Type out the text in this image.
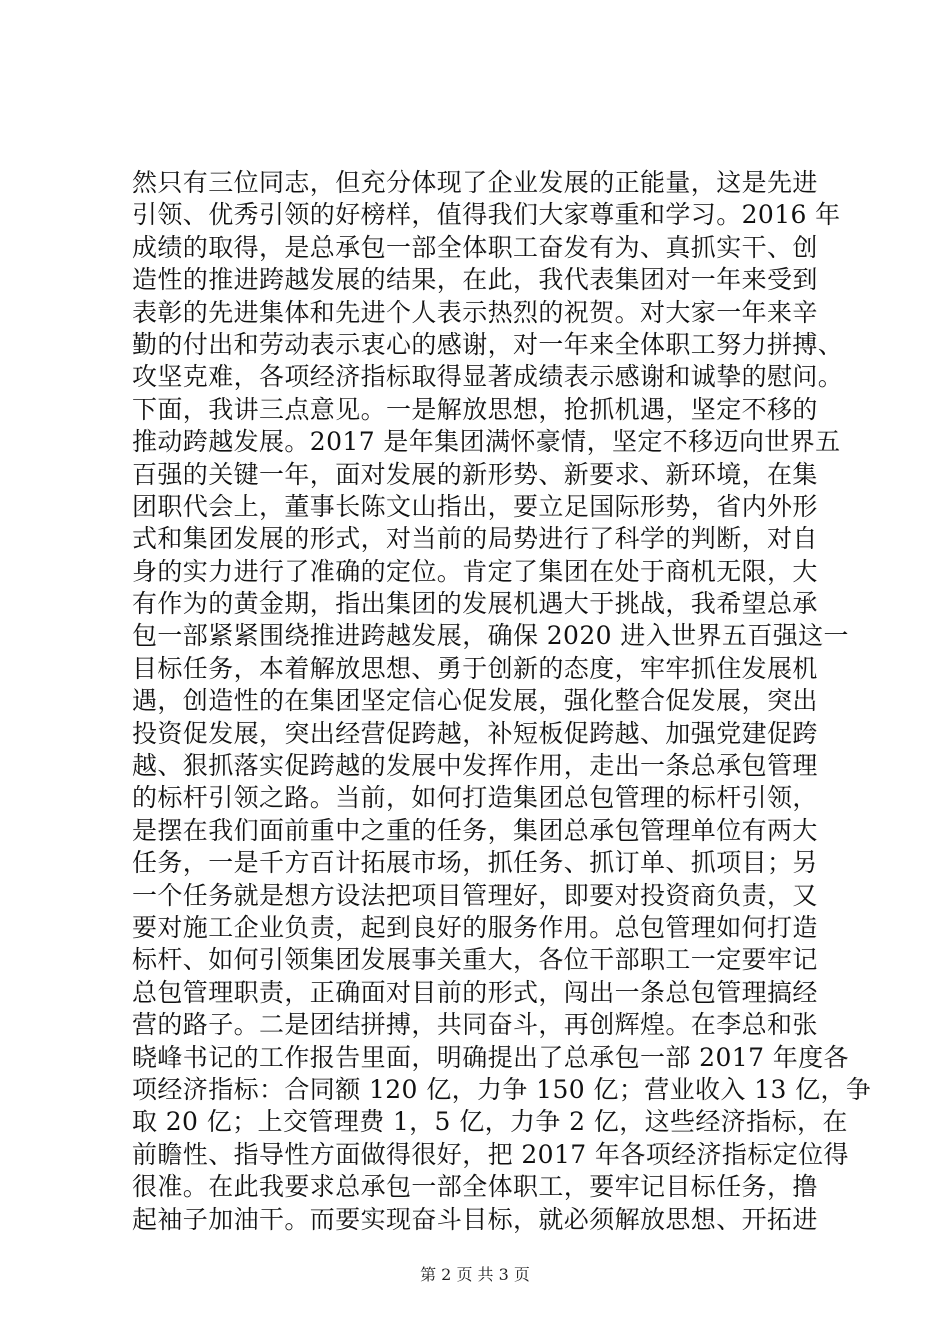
然只有三位同志，但充分体现了企业发展的正能量，这是先进
引领、优秀引领的好榜样，值得我们大家尊重和学习。2016 年
成绩的取得，是总承包一部全体职工奋发有为、真抓实干、创
造性的推进跨越发展的结果，在此，我代表集团对一年来受到
表彰的先进集体和先进个人表示热烈的祝贺。对大家一年来辛
勤的付出和劳动表示衷心的感谢，对一年来全体职工努力拼搏、
攻坚克难，各项经济指标取得显著成绩表示感谢和诚挚的慰问。
下面，我讲三点意见。一是解放思想，抢抓机遇，坚定不移的
推动跨越发展。2017 是年集团满怀豪情，坚定不移迈向世界五
百强的关键一年，面对发展的新形势、新要求、新环境，在集
团职代会上，董事长陈文山指出，要立足国际形势，省内外形
式和集团发展的形式，对当前的局势进行了科学的判断，对自
身的实力进行了准确的定位。肯定了集团在处于商机无限，大
有作为的黄金期，指出集团的发展机遇大于挑战，我希望总承
包一部紧紧围绕推进跨越发展，确保 2020 进入世界五百强这一
目标任务，本着解放思想、勇于创新的态度，牢牢抓住发展机
遇，创造性的在集团坚定信心促发展，强化整合促发展，突出
投资促发展，突出经营促跨越，补短板促跨越、加强党建促跨
越、狠抓落实促跨越的发展中发挥作用，走出一条总承包管理
的标杆引领之路。当前，如何打造集团总包管理的标杆引领，
是摆在我们面前重中之重的任务，集团总承包管理单位有两大
任务，一是千方百计拓展市场，抓任务、抓订单、抓项目；另
一个任务就是想方设法把项目管理好，即要对投资商负责，又
要对施工企业负责，起到良好的服务作用。总包管理如何打造
标杆、如何引领集团发展事关重大，各位干部职工一定要牢记
总包管理职责，正确面对目前的形式，闯出一条总包管理搞经
营的路子。二是团结拼搏，共同奋斗，再创辉煌。在李总和张
晓峰书记的工作报告里面，明确提出了总承包一部 2017 年度各
项经济指标：合同额 120 亿，力争 150 亿；营业收入 13 亿，争
取 20 亿；上交管理费 1，5 亿，力争 2 亿，这些经济指标，在
前瞻性、指导性方面做得很好，把 2017 年各项经济指标定位得
很准。在此我要求总承包一部全体职工，要牢记目标任务，撸
起袖子加油干。而要实现奋斗目标，就必须解放思想、开拓进
第 2 页 共 3 页
